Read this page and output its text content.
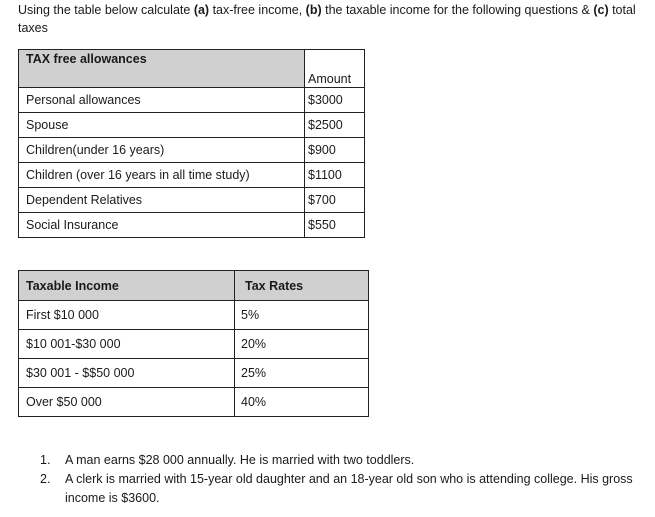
Using the table below calculate (a) tax-free income, (b) the taxable income for the following questions & (c) total taxes
TAX free allowances	Amount
Personal allowances	$3000
Spouse	$2500
Children(under 16 years)	$900
Children (over 16 years in all time study)	$1100
Dependent Relatives	$700
Social Insurance	$550
Taxable Income	Tax Rates
First $10 000	5%
$10 001-$30 000	20%
$30 001 - $$50 000	25%
Over $50 000	40%
1.	A man earns $28 000 annually. He is married with two toddlers.
2.	A clerk is married with 15-year old daughter and an 18-year old son who is attending college. His gross income is $3600.
